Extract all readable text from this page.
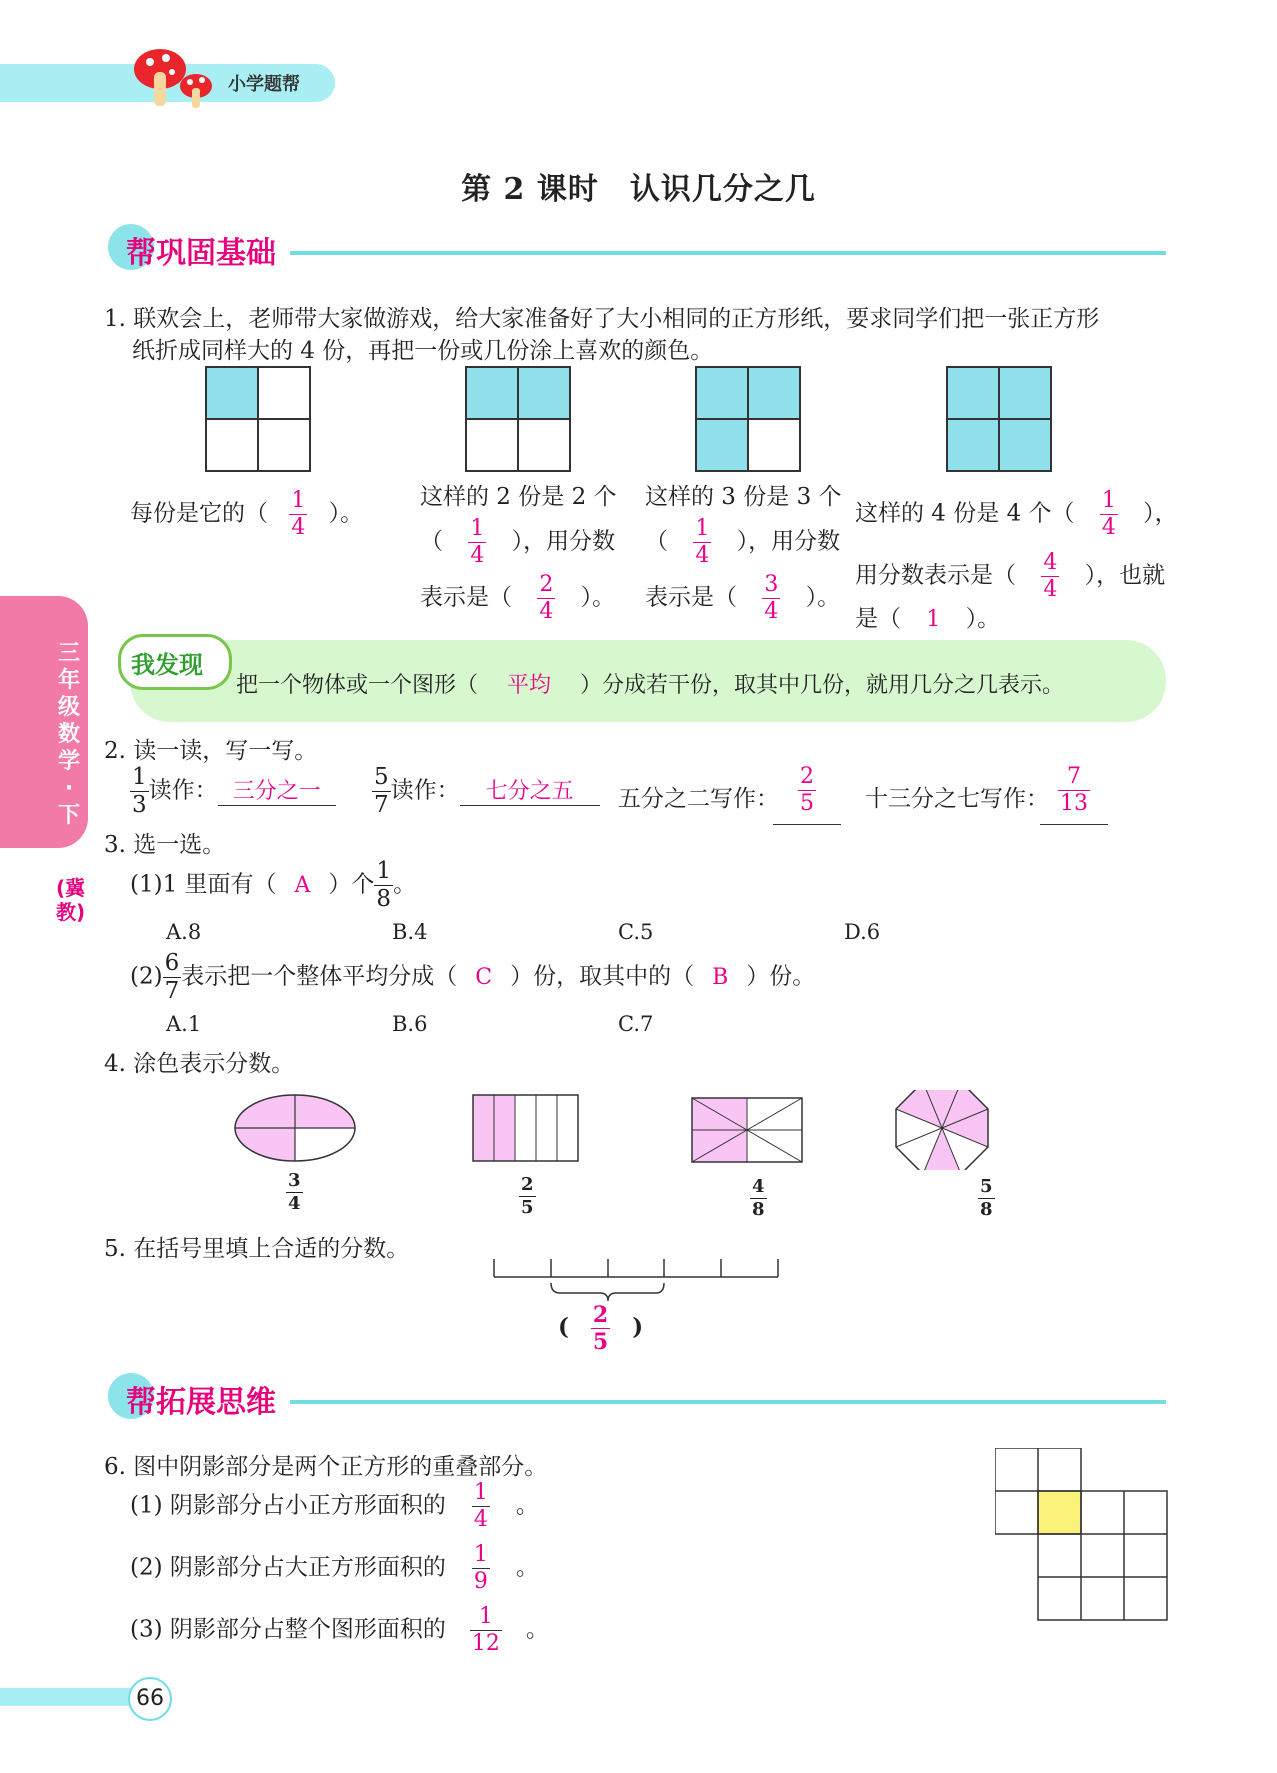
小学题帮
第 2 课时　认识几分之几
帮巩固基础
三年级数学·下
(冀教)
1. 联欢会上，老师带大家做游戏，给大家准备好了大小相同的正方形纸，要求同学们把一张正方形
纸折成同样大的 4 份，再把一份或几份涂上喜欢的颜色。
每份是它的（ $\frac{1}{4}$ ）。
这样的 2 份是 2 个
（ $\frac{1}{4}$ ），用分数
表示是（ $\frac{2}{4}$ ）。
这样的 3 份是 3 个
（ $\frac{1}{4}$ ），用分数
表示是（ $\frac{3}{4}$ ）。
这样的 4 份是 4 个（ $\frac{1}{4}$ ），
用分数表示是（ $\frac{4}{4}$ ），也就
是（ 1 ）。
我发现
把一个物体或一个图形（ 平均 ）分成若干份，取其中几份，就用几分之几表示。
2. 读一读，写一写。
$\frac{1}{3}$ 读作： 三分之一	$\frac{5}{7}$ 读作： 七分之五	五分之二写作： $\frac{2}{5}$ 十三分之七写作： $\frac{7}{13}$
3. 选一选。
(1)1 里面有（ A ）个 $\frac{1}{8}$ 。
A.8	B.4	C.5	D.6
$(2) \frac{6}{7}$ 表示把一个整体平均分成（ C ）份，取其中的（ B ）份。
A.1	B.6	C.7
4. 涂色表示分数。
$\frac{3}{4}$	$\frac{2}{5}$	$\frac{4}{8}$	$\frac{5}{8}$
5. 在括号里填上合适的分数。
( $\frac{2}{5}$ )
帮拓展思维
6. 图中阴影部分是两个正方形的重叠部分。
(1) 阴影部分占小正方形面积的 $\frac{1}{4}$ 。
(2) 阴影部分占大正方形面积的 $\frac{1}{9}$ 。
(3) 阴影部分占整个图形面积的 $\frac{1}{12}$ 。
66
